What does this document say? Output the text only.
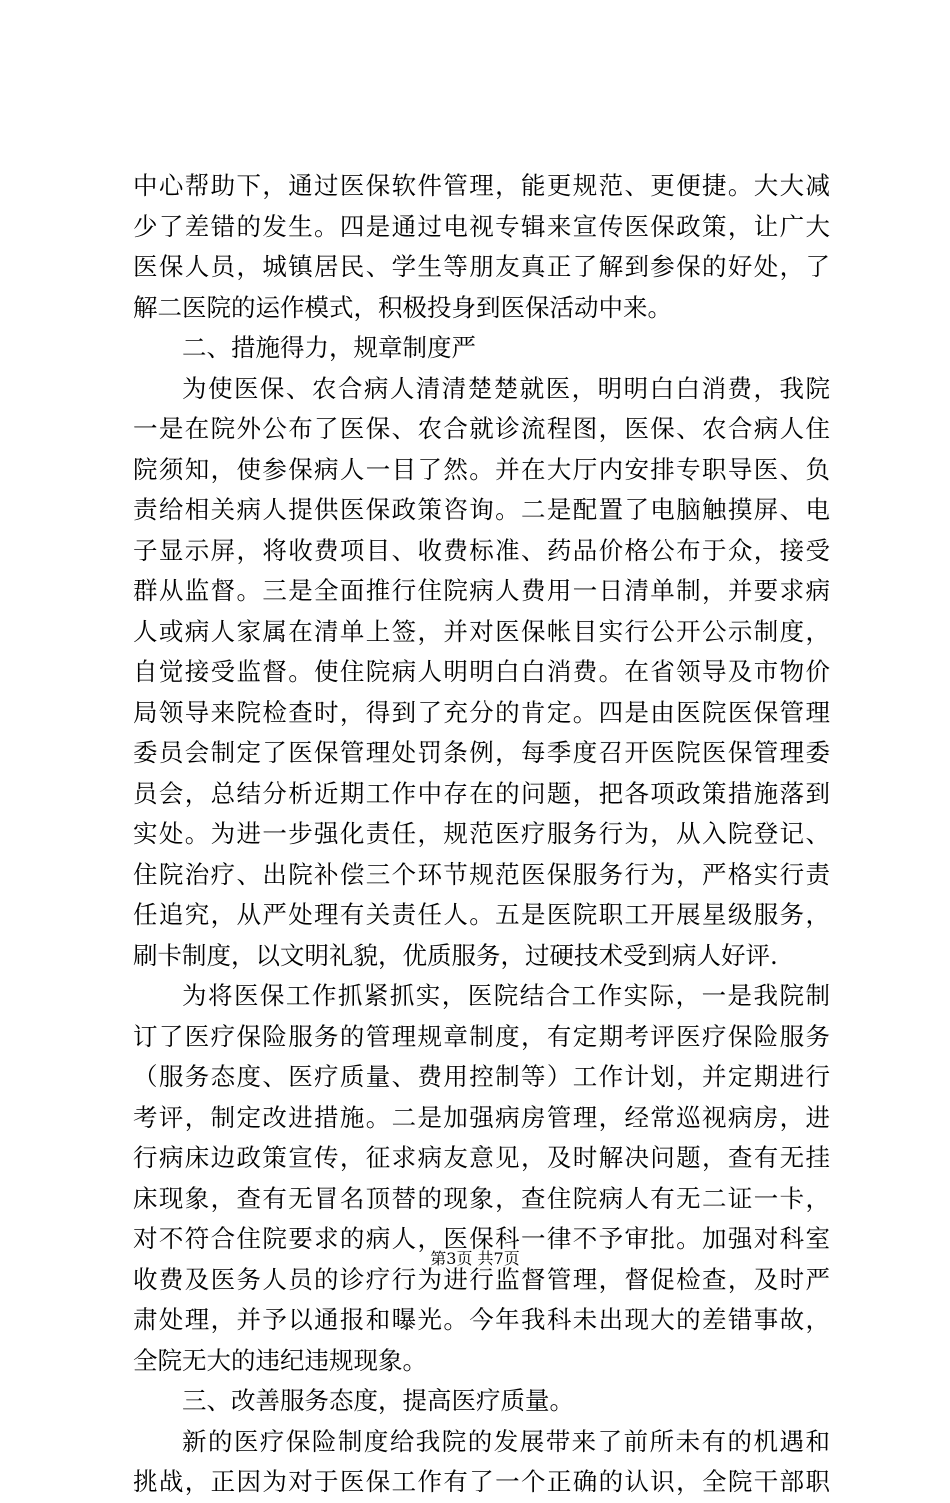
中心帮助下，通过医保软件管理，能更规范、更便捷。大大减
少了差错的发生。四是通过电视专辑来宣传医保政策，让广大
医保人员，城镇居民、学生等朋友真正了解到参保的好处，了
解二医院的运作模式，积极投身到医保活动中来。
二、措施得力，规章制度严
为使医保、农合病人清清楚楚就医，明明白白消费，我院
一是在院外公布了医保、农合就诊流程图，医保、农合病人住
院须知，使参保病人一目了然。并在大厅内安排专职导医、负
责给相关病人提供医保政策咨询。二是配置了电脑触摸屏、电
子显示屏，将收费项目、收费标准、药品价格公布于众，接受
群从监督。三是全面推行住院病人费用一日清单制，并要求病
人或病人家属在清单上签，并对医保帐目实行公开公示制度，
自觉接受监督。使住院病人明明白白消费。在省领导及市物价
局领导来院检查时，得到了充分的肯定。四是由医院医保管理
委员会制定了医保管理处罚条例，每季度召开医院医保管理委
员会，总结分析近期工作中存在的问题，把各项政策措施落到
实处。为进一步强化责任，规范医疗服务行为，从入院登记、
住院治疗、出院补偿三个环节规范医保服务行为，严格实行责
任追究，从严处理有关责任人。五是医院职工开展星级服务，
刷卡制度，以文明礼貌，优质服务，过硬技术受到病人好评.
为将医保工作抓紧抓实，医院结合工作实际，一是我院制
订了医疗保险服务的管理规章制度，有定期考评医疗保险服务
（服务态度、医疗质量、费用控制等）工作计划，并定期进行
考评，制定改进措施。二是加强病房管理，经常巡视病房，进
行病床边政策宣传，征求病友意见，及时解决问题，查有无挂
床现象，查有无冒名顶替的现象，查住院病人有无二证一卡，
对不符合住院要求的病人，医保科一律不予审批。加强对科室
收费及医务人员的诊疗行为进行监督管理，督促检查，及时严
肃处理，并予以通报和曝光。今年我科未出现大的差错事故，
全院无大的违纪违规现象。
三、改善服务态度，提高医疗质量。
新的医疗保险制度给我院的发展带来了前所未有的机遇和
挑战，正因为对于医保工作有了一个正确的认识，全院干部职
第3页 共7页
